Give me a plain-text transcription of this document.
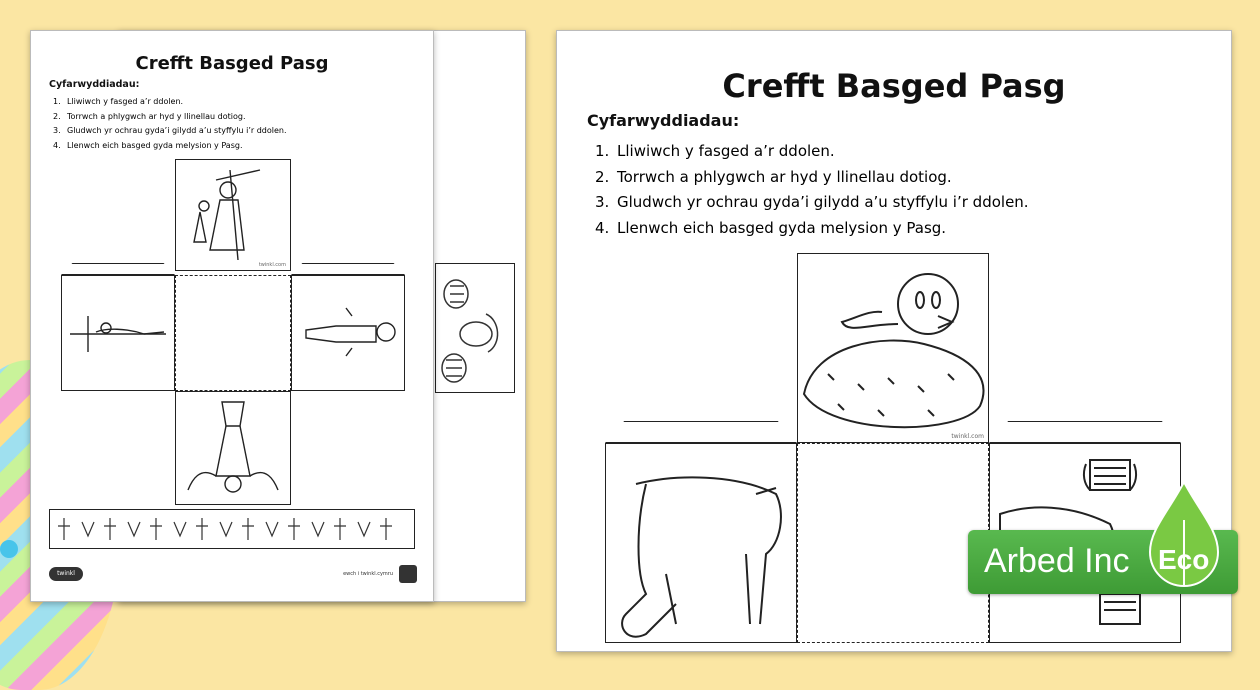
Crefft Basged Pasg
Cyfarwyddiadau:
1. Lliwiwch y fasged a’r ddolen.
2. Torrwch a phlygwch ar hyd y llinellau dotiog.
3. Gludwch yr ochrau gyda’i gilydd a’u styffylu i’r ddolen.
4. Llenwch eich basged gyda melysion y Pasg.
twinkl.com
twinkl	ewch i twinkl.cymru
Crefft Basged Pasg
Cyfarwyddiadau:
1. Lliwiwch y fasged a’r ddolen.
2. Torrwch a phlygwch ar hyd y llinellau dotiog.
3. Gludwch yr ochrau gyda’i gilydd a’u styffylu i’r ddolen.
4. Llenwch eich basged gyda melysion y Pasg.
twinkl.com
Arbed Inc Eco
